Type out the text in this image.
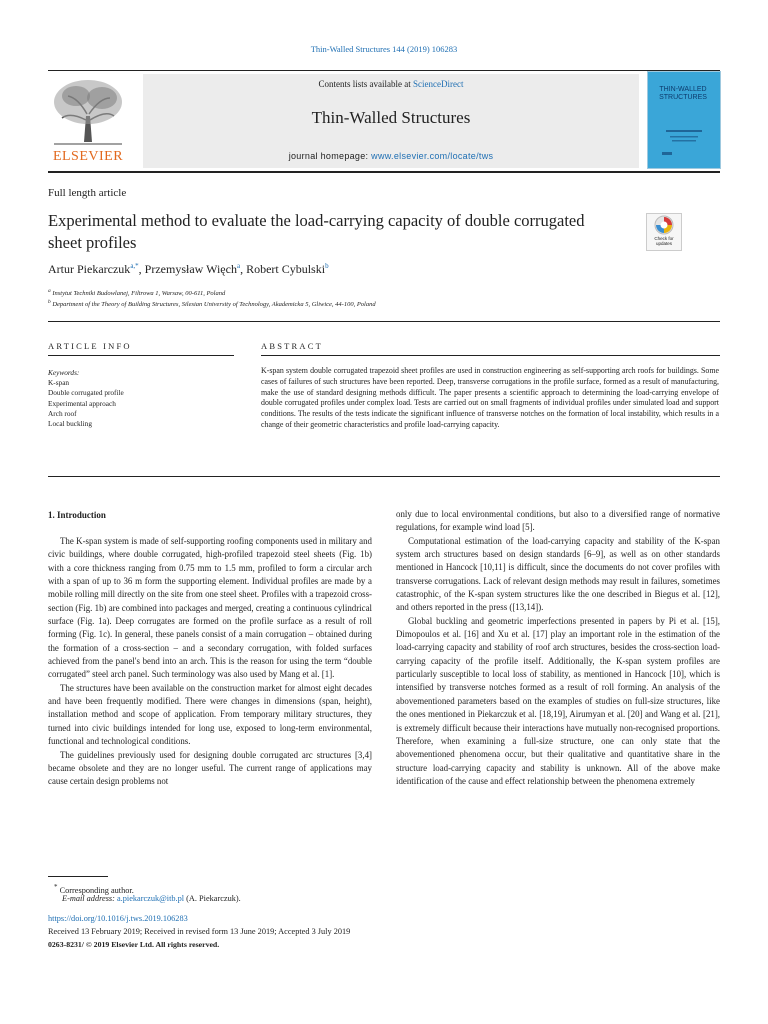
Thin-Walled Structures 144 (2019) 106283
ELSEVIER
Contents lists available at ScienceDirect
Thin-Walled Structures
journal homepage: www.elsevier.com/locate/tws
THIN-WALLED
STRUCTURES
Full length article
Experimental method to evaluate the load-carrying capacity of double corrugated sheet profiles	Check for
updates
Artur Piekarczuk$^{a,*}$, Przemysław Więch$^a$, Robert Cybulski$^b$
$^a$ Instytut Techniki Budowlanej, Filtrowa 1, Warsaw, 00-611, Poland
$^b$ Department of the Theory of Building Structures, Silesian University of Technology, Akademicka 5, Gliwice, 44-100, Poland
ARTICLE INFO	ABSTRACT
Keywords:
K-span
Double corrugated profile
Experimental approach
Arch roof
Local buckling
K-span system double corrugated trapezoid sheet profiles are used in construction engineering as self-supporting arch roofs for buildings. Some cases of failures of such structures have been reported. Deep, transverse corrugations in the profile surface, formed as a result of manufacturing, make the use of standard designing methods difficult. The paper presents a scientific approach to determining the load-carrying envelope of double corrugated profiles under complex load. Tests are carried out on small fragments of individual profiles under simulated load and support conditions. The results of the tests indicate the significant influence of transverse notches on the formation of local instability, which results in a change of their geometric characteristics and profile load-carrying capacity.
1. Introduction

The K-span system is made of self-supporting roofing components used in military and civic buildings, where double corrugated, high-profiled trapezoid steel sheets (Fig. 1b) with a core thickness ranging from 0.75 mm to 1.5 mm, profiled to form a circular arch with a span of up to 36 m form the supporting element. Individual profiles are made by a mobile rolling mill directly on the site from one steel sheet. Profiles with a trapezoid cross-section (Fig. 1b) are combined into packages and merged, creating a continuous cylindrical surface (Fig. 1a). Deep corrugates are formed on the profile surface as a result of roll forming (Fig. 1c). In general, these panels consist of a main corrugation – obtained during the formation of a cross-section – and a secondary corrugation, with folded surfaces achieved from the panel's bend into an arch. This is the reason for using the term “double corrugated” steel arch panel. Such terminology was also used by Mang et al. [1].

The structures have been available on the construction market for almost eight decades and have been frequently modified. There were changes in dimensions (span, height), installation method and scope of application. From temporary military structures, they turned into civic buildings intended for long use, exposed to long-term environmental, functional and technological conditions.

The guidelines previously used for designing double corrugated arc structures [3,4] became obsolete and they are no longer useful. The current range of applications may cause certain design problems not

only due to local environmental conditions, but also to a diversified range of normative regulations, for example wind load [5].

Computational estimation of the load-carrying capacity and stability of the K-span system arch structures based on design standards [6–9], as well as on other standards mentioned in Hancock [10,11] is difficult, since the documents do not cover profiles with transverse corrugations. Lack of relevant design methods may result in failures, sometimes catastrophic, of the K-span system structures like the one described in Biegus et al. [12], and others reported in the press ([13,14]).

Global buckling and geometric imperfections presented in papers by Pi et al. [15], Dimopoulos et al. [16] and Xu et al. [17] play an important role in the estimation of the load-carrying capacity and stability of roof arch structures, besides the cross-section load-carrying capacity of the profile itself. Additionally, the K-span system profiles are particularly susceptible to local loss of stability, as mentioned in Hancock [10], which is intensified by transverse notches formed as a result of roll forming. An analysis of the abovementioned parameters based on the examples of studies on full-size structures, like the ones mentioned in Piekarczuk et al. [18,19], Airumyan et al. [20] and Wang et al. [21], is extremely difficult because their interactions have mutually non-recognised proportions. Therefore, when examining a full-size structure, one can only state that the abovementioned phenomena occur, but their qualitative and quantitative share in the structure load-carrying capacity and stability is unknown. All of the above make identification of the cause and effect relationship between the phenomena extremely

* Corresponding author.
E-mail address: a.piekarczuk@itb.pl (A. Piekarczuk).
https://doi.org/10.1016/j.tws.2019.106283
Received 13 February 2019; Received in revised form 13 June 2019; Accepted 3 July 2019
0263-8231/ © 2019 Elsevier Ltd. All rights reserved.
